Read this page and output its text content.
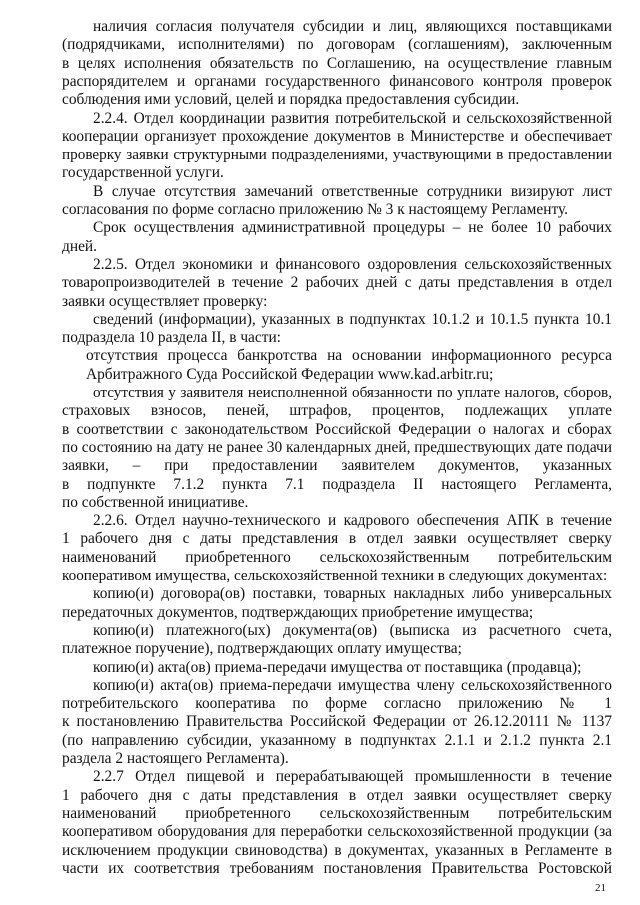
наличия согласия получателя субсидии и лиц, являющихся поставщиками
(подрядчиками, исполнителями) по договорам (соглашениям), заключенным
в целях исполнения обязательств по Соглашению, на осуществление главным
распорядителем и органами государственного финансового контроля проверок
соблюдения ими условий, целей и порядка предоставления субсидии.
2.2.4. Отдел координации развития потребительской и сельскохозяйственной
кооперации организует прохождение документов в Министерстве и обеспечивает
проверку заявки структурными подразделениями, участвующими в предоставлении
государственной услуги.
В случае отсутствия замечаний ответственные сотрудники визируют лист
согласования по форме согласно приложению № 3 к настоящему Регламенту.
Срок осуществления административной процедуры – не более 10 рабочих
дней.
2.2.5. Отдел экономики и финансового оздоровления сельскохозяйственных
товаропроизводителей в течение 2 рабочих дней с даты представления в отдел
заявки осуществляет проверку:
сведений (информации), указанных в подпунктах 10.1.2 и 10.1.5 пункта 10.1
подраздела 10 раздела II, в части:
отсутствия процесса банкротства на основании информационного ресурса
Арбитражного Суда Российской Федерации www.kad.arbitr.ru;
отсутствия у заявителя неисполненной обязанности по уплате налогов, сборов,
страховых взносов, пеней, штрафов, процентов, подлежащих уплате
в соответствии с законодательством Российской Федерации о налогах и сборах
по состоянию на дату не ранее 30 календарных дней, предшествующих дате подачи
заявки, – при предоставлении заявителем документов, указанных
в подпункте 7.1.2 пункта 7.1 подраздела II настоящего Регламента,
по собственной инициативе.
2.2.6. Отдел научно-технического и кадрового обеспечения АПК в течение
1 рабочего дня с даты представления в отдел заявки осуществляет сверку
наименований приобретенного сельскохозяйственным потребительским
кооперативом имущества, сельскохозяйственной техники в следующих документах:
копию(и) договора(ов) поставки, товарных накладных либо универсальных
передаточных документов, подтверждающих приобретение имущества;
копию(и) платежного(ых) документа(ов) (выписка из расчетного счета,
платежное поручение), подтверждающих оплату имущества;
копию(и) акта(ов) приема-передачи имущества от поставщика (продавца);
копию(и) акта(ов) приема-передачи имущества члену сельскохозяйственного
потребительского кооператива по форме согласно приложению № 1
к постановлению Правительства Российской Федерации от 26.12.20111 № 1137
(по направлению субсидии, указанному в подпунктах 2.1.1 и 2.1.2 пункта 2.1
раздела 2 настоящего Регламента).
2.2.7 Отдел пищевой и перерабатывающей промышленности в течение
1 рабочего дня с даты представления в отдел заявки осуществляет сверку
наименований приобретенного сельскохозяйственным потребительским
кооперативом оборудования для переработки сельскохозяйственной продукции (за
исключением продукции свиноводства) в документах, указанных в Регламенте в
части их соответствия требованиям постановления Правительства Ростовской
21
